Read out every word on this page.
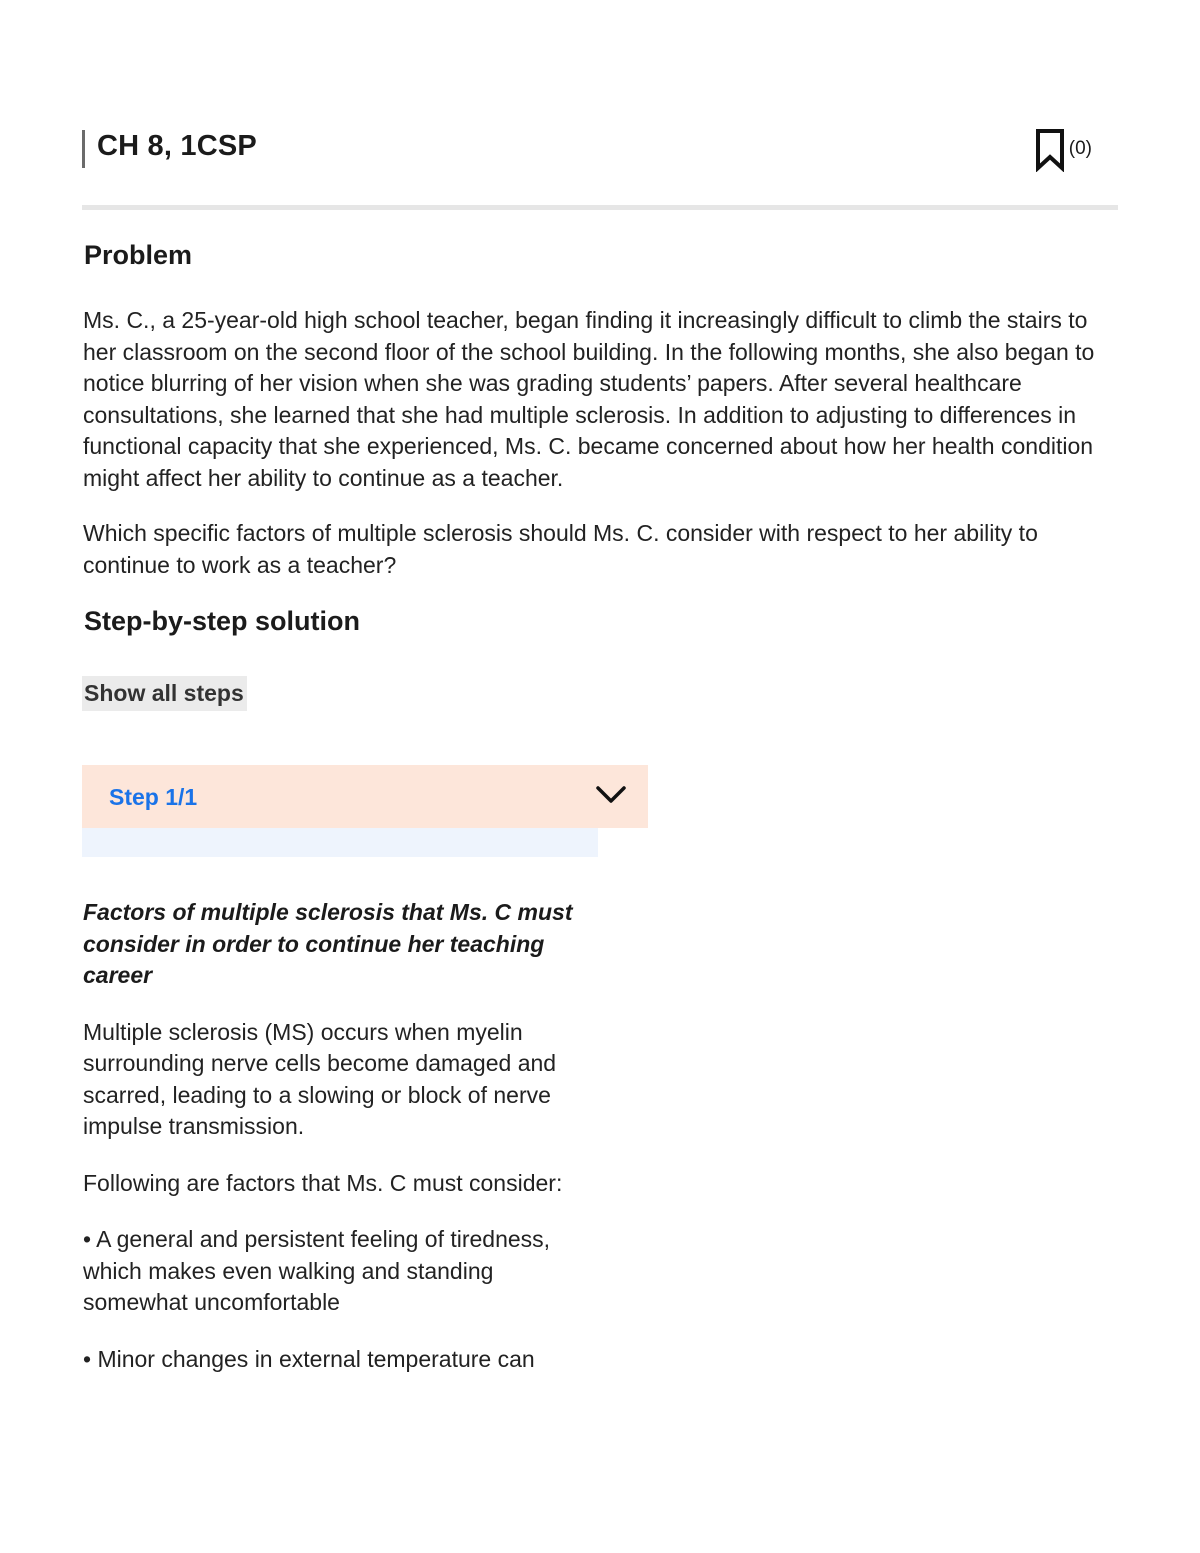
CH 8, 1CSP	(0)
Problem

Ms. C., a 25-year-old high school teacher, began finding it increasingly difficult to climb the stairs to her classroom on the second floor of the school building. In the following months, she also began to notice blurring of her vision when she was grading students’ papers. After several healthcare consultations, she learned that she had multiple sclerosis. In addition to adjusting to differences in functional capacity that she experienced, Ms. C. became concerned about how her health condition might affect her ability to continue as a teacher.

Which specific factors of multiple sclerosis should Ms. C. consider with respect to her ability to continue to work as a teacher?

Step-by-step solution
Show all steps
Step 1/1

Factors of multiple sclerosis that Ms. C must consider in order to continue her teaching career

Multiple sclerosis (MS) occurs when myelin surrounding nerve cells become damaged and scarred, leading to a slowing or block of nerve impulse transmission.

Following are factors that Ms. C must consider:

• A general and persistent feeling of tiredness, which makes even walking and standing somewhat uncomfortable

• Minor changes in external temperature can
